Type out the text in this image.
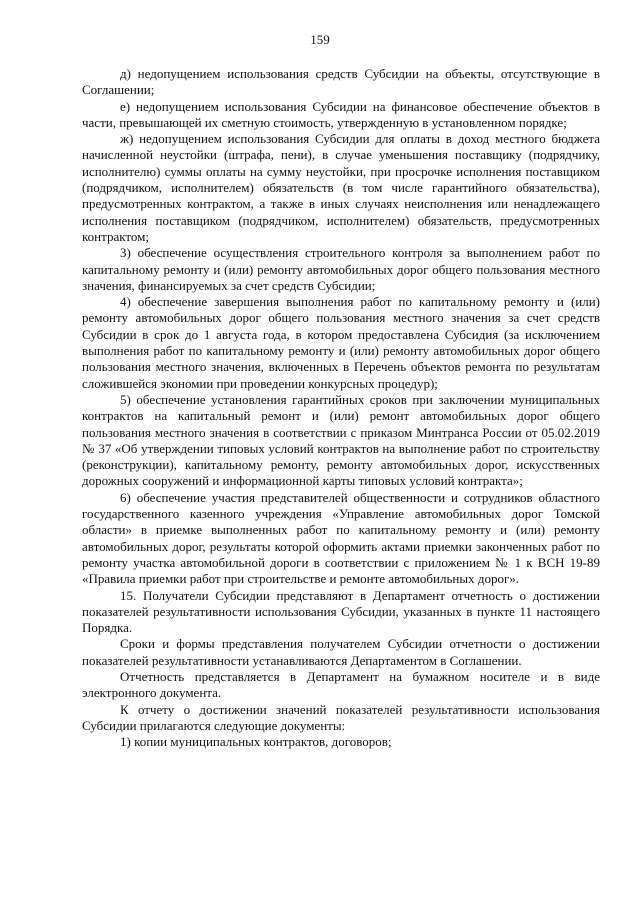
159

д) недопущением использования средств Субсидии на объекты, отсутствующие в Соглашении;

е) недопущением использования Субсидии на финансовое обеспечение объектов в части, превышающей их сметную стоимость, утвержденную в установленном порядке;

ж) недопущением использования Субсидии для оплаты в доход местного бюджета начисленной неустойки (штрафа, пени), в случае уменьшения поставщику (подрядчику, исполнителю) суммы оплаты на сумму неустойки, при просрочке исполнения поставщиком (подрядчиком, исполнителем) обязательств (в том числе гарантийного обязательства), предусмотренных контрактом, а также в иных случаях неисполнения или ненадлежащего исполнения поставщиком (подрядчиком, исполнителем) обязательств, предусмотренных контрактом;

3) обеспечение осуществления строительного контроля за выполнением работ по капитальному ремонту и (или) ремонту автомобильных дорог общего пользования местного значения, финансируемых за счет средств Субсидии;

4) обеспечение завершения выполнения работ по капитальному ремонту и (или) ремонту автомобильных дорог общего пользования местного значения за счет средств Субсидии в срок до 1 августа года, в котором предоставлена Субсидия (за исключением выполнения работ по капитальному ремонту и (или) ремонту автомобильных дорог общего пользования местного значения, включенных в Перечень объектов ремонта по результатам сложившейся экономии при проведении конкурсных процедур);

5) обеспечение установления гарантийных сроков при заключении муниципальных контрактов на капитальный ремонт и (или) ремонт автомобильных дорог общего пользования местного значения в соответствии с приказом Минтранса России от 05.02.2019 № 37 «Об утверждении типовых условий контрактов на выполнение работ по строительству (реконструкции), капитальному ремонту, ремонту автомобильных дорог, искусственных дорожных сооружений и информационной карты типовых условий контракта»;

6) обеспечение участия представителей общественности и сотрудников областного государственного казенного учреждения «Управление автомобильных дорог Томской области» в приемке выполненных работ по капитальному ремонту и (или) ремонту автомобильных дорог, результаты которой оформить актами приемки законченных работ по ремонту участка автомобильной дороги в соответствии с приложением № 1 к ВСН 19-89 «Правила приемки работ при строительстве и ремонте автомобильных дорог».

15. Получатели Субсидии представляют в Департамент отчетность о достижении показателей результативности использования Субсидии, указанных в пункте 11 настоящего Порядка.

Сроки и формы представления получателем Субсидии отчетности о достижении показателей результативности устанавливаются Департаментом в Соглашении.

Отчетность представляется в Департамент на бумажном носителе и в виде электронного документа.

К отчету о достижении значений показателей результативности использования Субсидии прилагаются следующие документы:

1) копии муниципальных контрактов, договоров;
